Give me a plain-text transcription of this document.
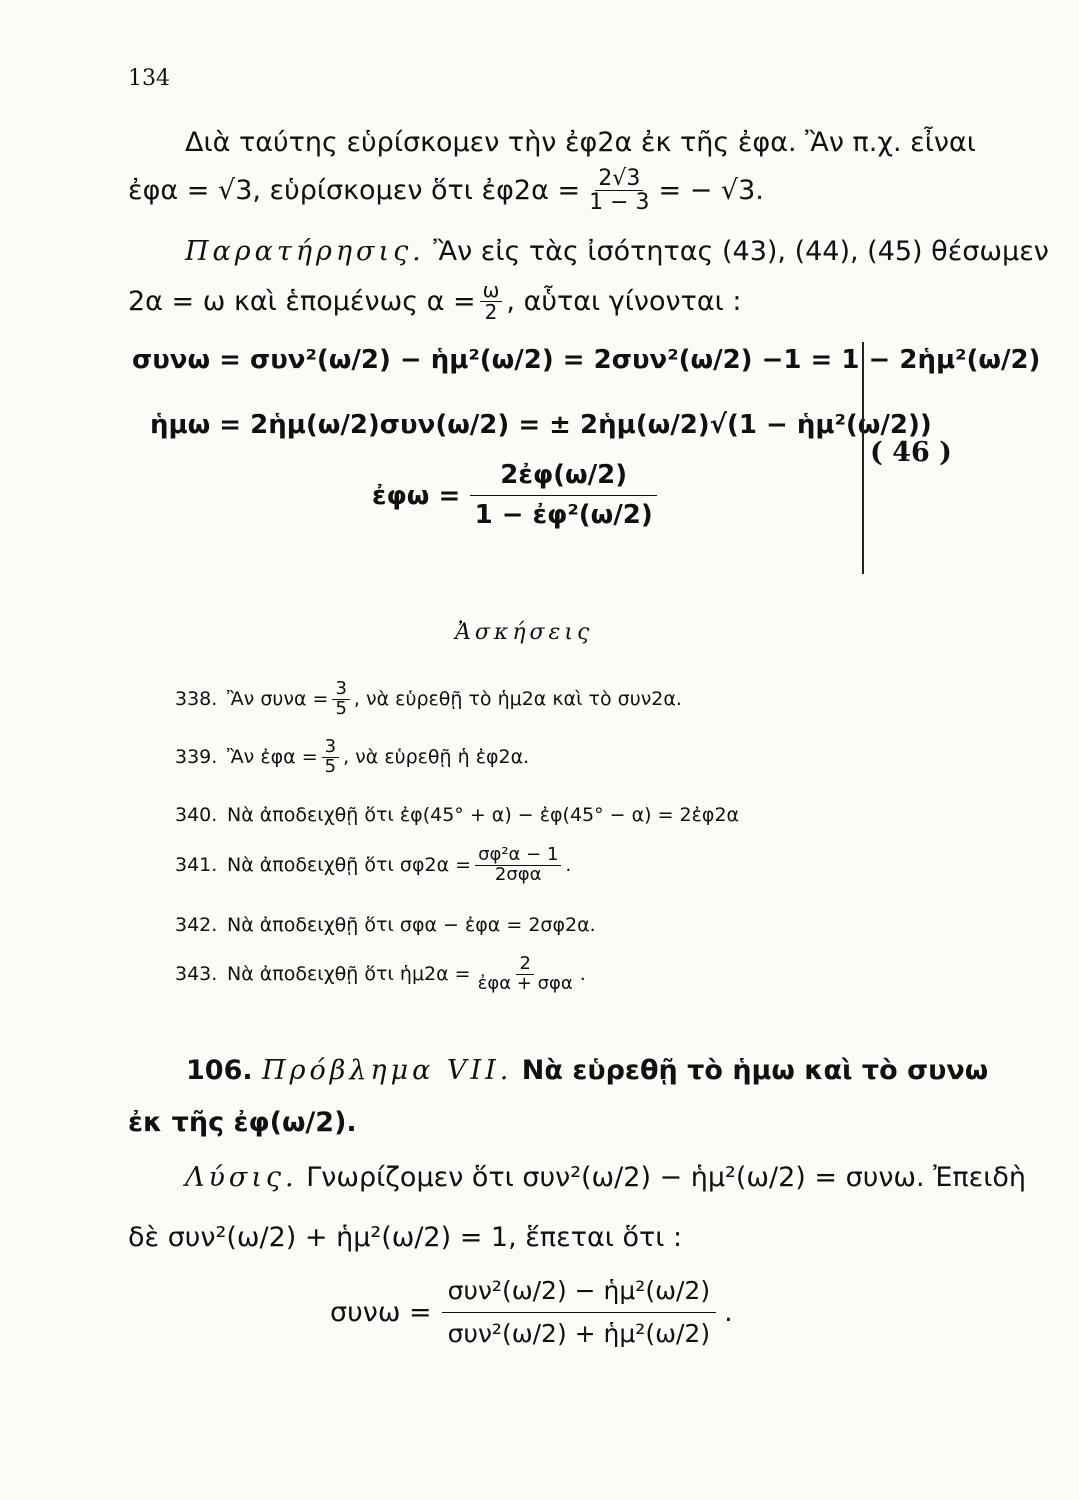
134
Διὰ ταύτης εὑρίσκομεν τὴν ἐφ2α ἐκ τῆς ἐφα. Ἂν π.χ. εἶναι
ἐφα = √3, εὑρίσκομεν ὅτι ἐφ2α = $\frac{2√3}{1 - 3}$ = − √3.
Παρατήρησις. Ἂν εἰς τὰς ἰσότητας (43), (44), (45) θέσωμεν
2α = ω καὶ ἑπομένως $\alpha = \frac{\omega}{2}$ , αὗται γίνονται :
συνω = συν²(ω/2) − ἡμ²(ω/2) = 2συν²(ω/2) −1 = 1 − 2ἡμ²(ω/2)
ἡμω = 2ἡμ(ω/2)συν(ω/2) = ± 2ἡμ(ω/2)√(1 − ἡμ²(ω/2))
ἐφω = $\frac{\text{2ἐφ(ω/2)}}{\text{1 − ἐφ²(ω/2)}}$
( 46 )
Ἀσκήσεις
338. Ἂν $\sigma\upsilon\nu\alpha = \frac{3}{5}$ , νὰ εὑρεθῇ τὸ ἡμ2α καὶ τὸ συν2α.
339. Ἂν ἐφα = $\frac{3}{5}$ , νὰ εὑρεθῇ ἡ ἐφ2α.
340. Νὰ ἀποδειχθῇ ὅτι ἐφ(45° + α) − ἐφ(45° − α) = 2ἐφ2α
341. Νὰ ἀποδειχθῇ ὅτι $\sigma\varphi 2\alpha = \frac{\text{σφ²α − 1}}{\text{2σφα}}$ .
342. Νὰ ἀποδειχθῇ ὅτι σφα − ἐφα = 2σφ2α.
343. Νὰ ἀποδειχθῇ ὅτι ἡμ2α = $\frac{2}{\text{ἐφα + σφα}}$ .
106. Πρόβλημα VII. Νὰ εὑρεθῇ τὸ ἡμω καὶ τὸ συνω
ἐκ τῆς ἐφ(ω/2).
Λύσις. Γνωρίζομεν ὅτι συν²(ω/2) − ἡμ²(ω/2) = συνω. Ἐπειδὴ
δὲ συν²(ω/2) + ἡμ²(ω/2) = 1, ἕπεται ὅτι :
$\sigma\upsilon\nu\omega = \frac{\text{συν²(ω/2) − ἡμ²(ω/2)}}{\text{συν²(ω/2) + ἡμ²(ω/2)}}$ .
